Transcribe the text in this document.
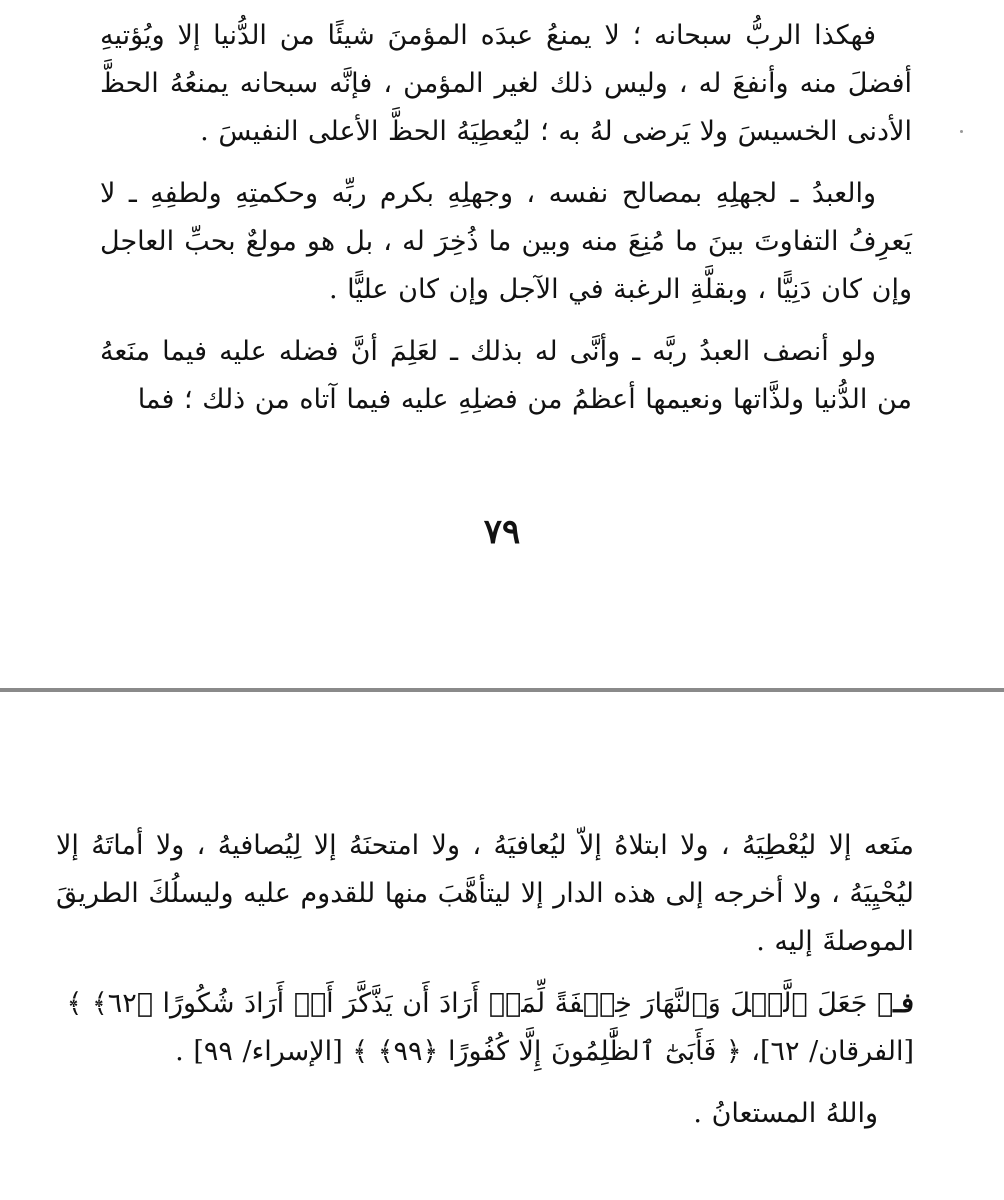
فهكذا الربُّ سبحانه ؛ لا يمنعُ عبدَه المؤمنَ شيئًا من الدُّنيا إلا ويُؤتيهِ أفضلَ منه وأنفعَ له ، وليس ذلك لغير المؤمن ، فإنَّه سبحانه يمنعُهُ الحظَّ الأدنى الخسيسَ ولا يَرضى لهُ به ؛ ليُعطِيَهُ الحظَّ الأعلى النفيسَ .

والعبدُ ـ لجهلِهِ بمصالح نفسه ، وجهلِهِ بكرم ربِّه وحكمتِهِ ولطفِهِ ـ لا يَعرِفُ التفاوتَ بينَ ما مُنِعَ منه وبين ما ذُخِرَ له ، بل هو مولعٌ بحبِّ العاجل وإن كان دَنِيًّا ، وبقلَّةِ الرغبة في الآجل وإن كان عليًّا .

ولو أنصف العبدُ ربَّه ـ وأنَّى له بذلك ـ لعَلِمَ أنَّ فضله عليه فيما منَعهُ من الدُّنيا ولذَّاتها ونعيمها أعظمُ من فضلِهِ عليه فيما آتاه من ذلك ؛ فما

٧٩

منَعه إلا ليُعْطِيَهُ ، ولا ابتلاهُ إلاّ ليُعافيَهُ ، ولا امتحنَهُ إلا لِيُصافيهُ ، ولا أماتَهُ إلا ليُحْيِيَهُ ، ولا أخرجه إلى هذه الدار إلا ليتأهَّبَ منها للقدوم عليه وليسلُكَ الطريقَ الموصلةَ إليه .

فـ﴿ جَعَلَ ٱلَّيۡلَ وَٱلنَّهَارَ خِلۡفَةً لِّمَنۡ أَرَادَ أَن يَذَّكَّرَ أَوۡ أَرَادَ شُكُورًا ﴿٦٢﴾ ﴾
[الفرقان/ ٦٢]، ﴿ فَأَبَىٰٓ ٱلظَّٰلِمُونَ إِلَّا كُفُورًا ﴿٩٩﴾ ﴾ [الإسراء/ ٩٩] .

واللهُ المستعانُ .
